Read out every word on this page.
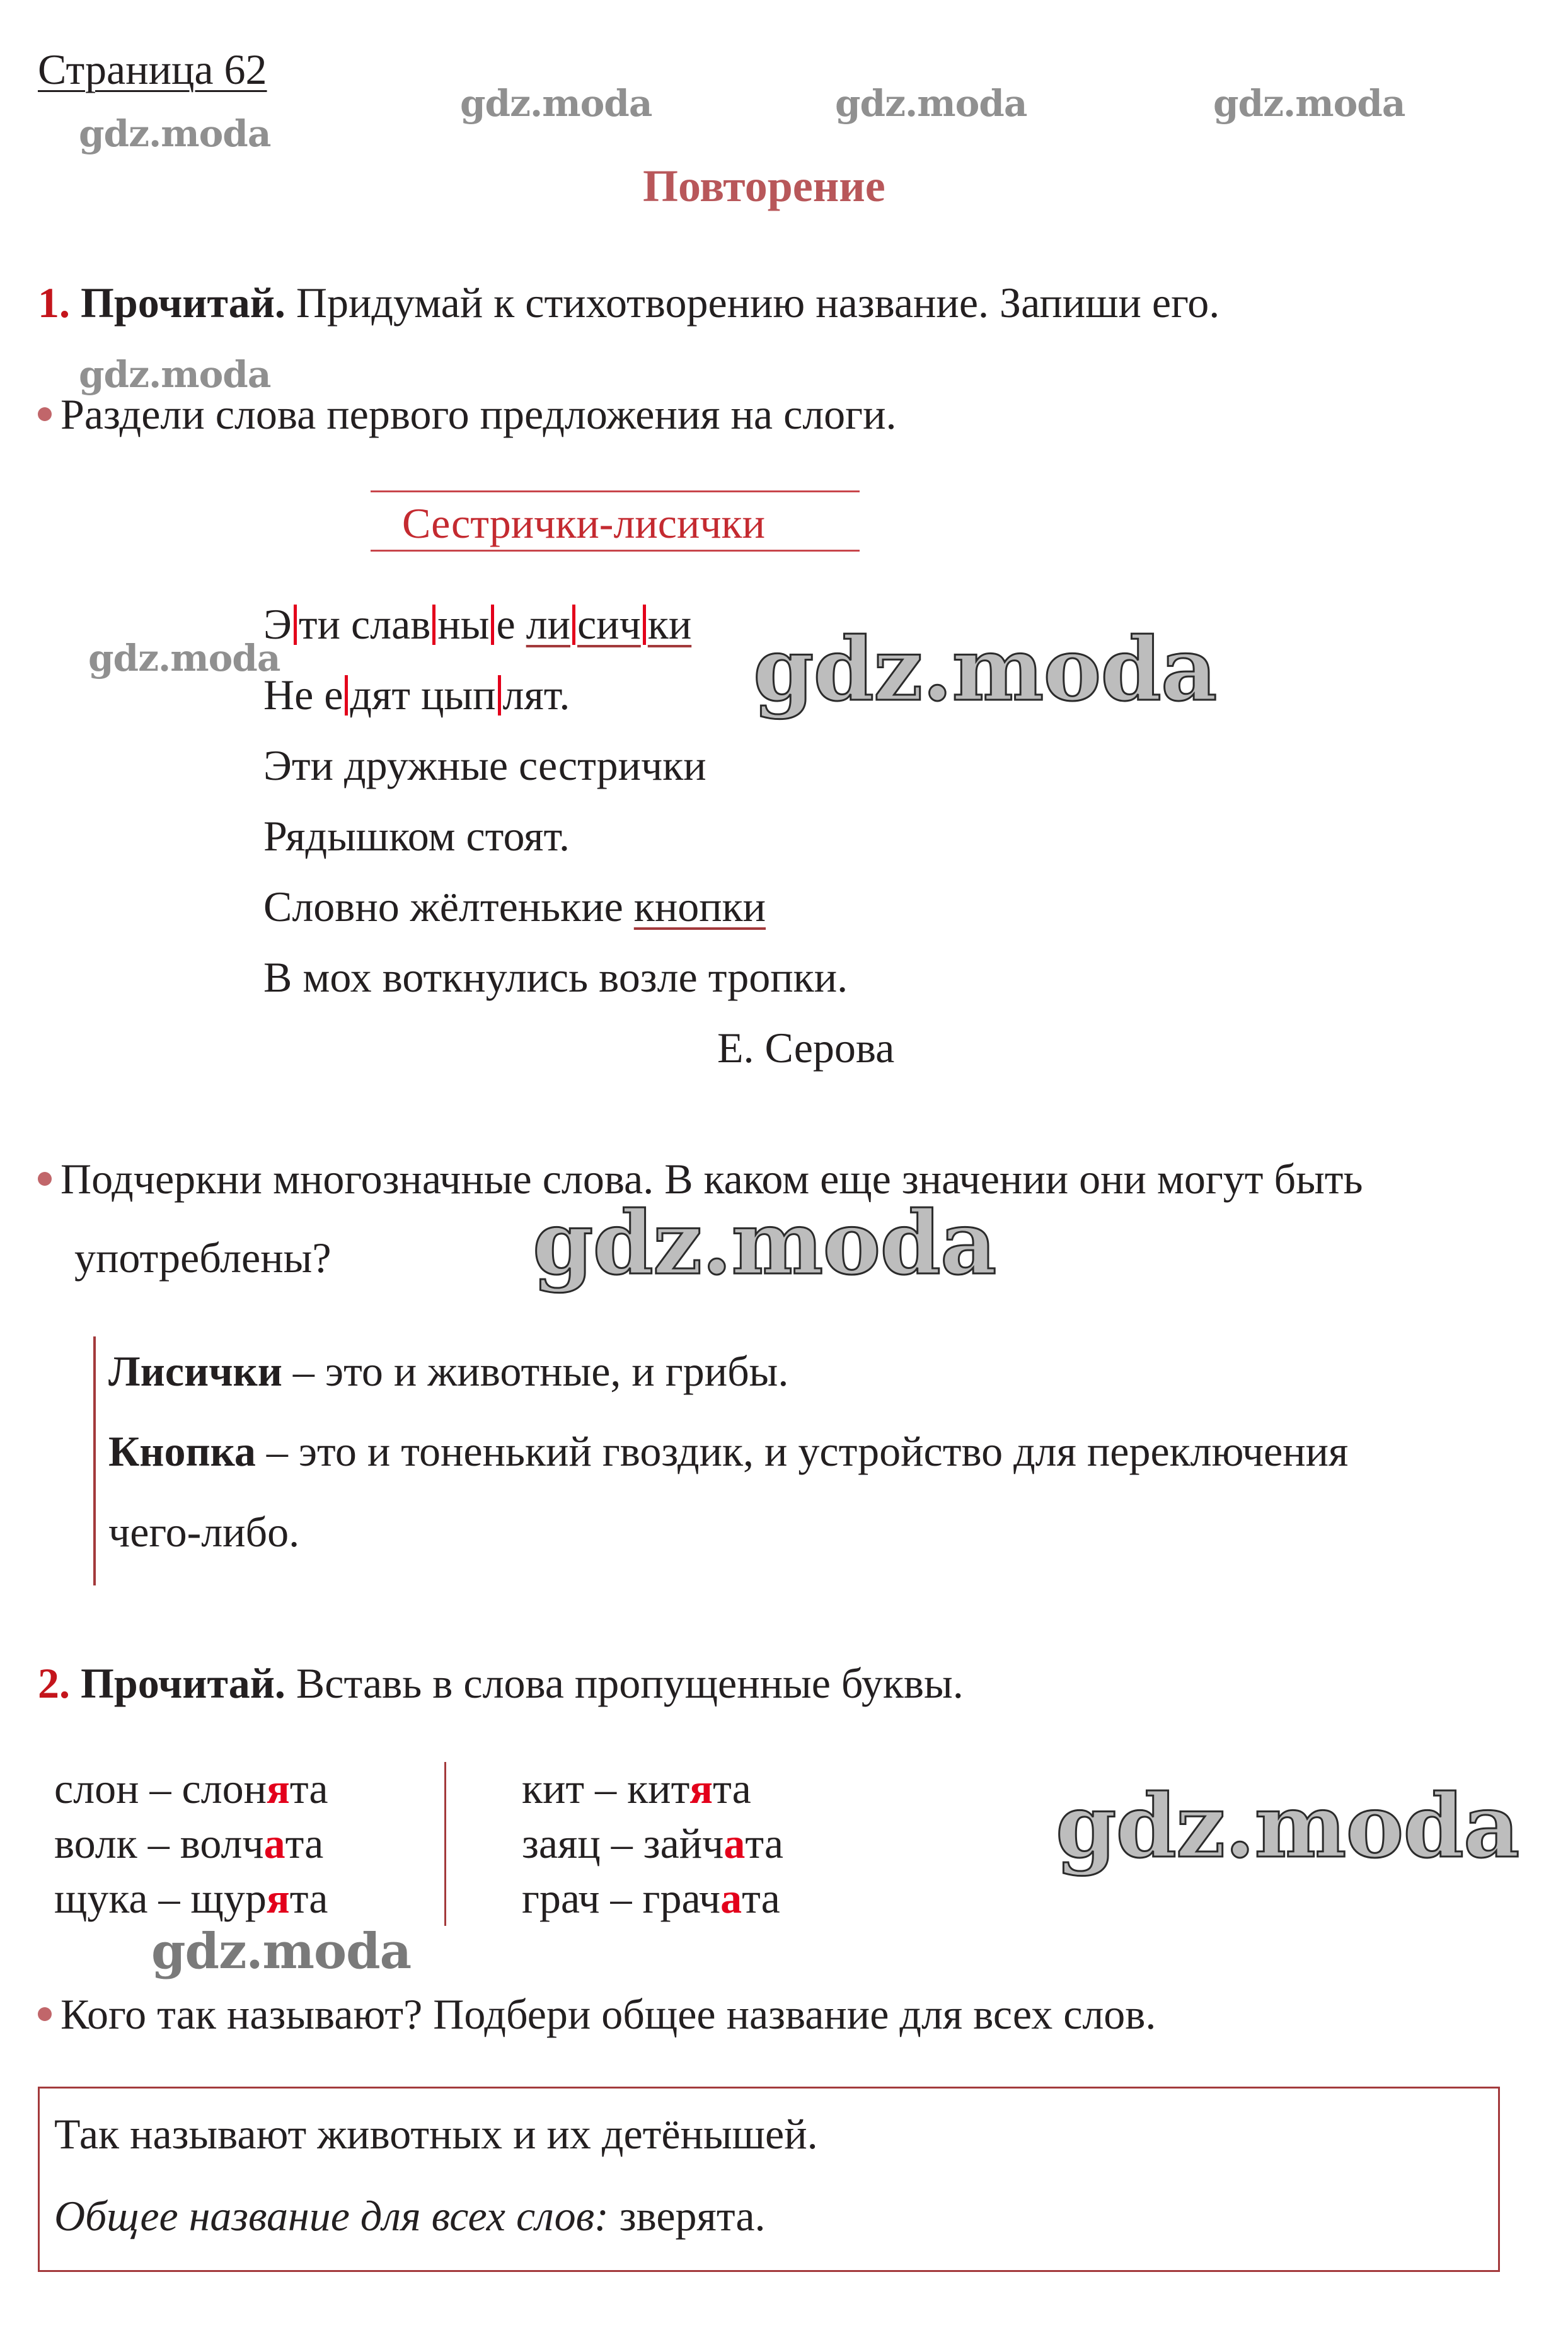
Страница 62
Повторение
1. Прочитай. Придумай к стихотворению название. Запиши его.
Раздели слова первого предложения на слоги.
Сестрички-лисички
Э ти слав ны е ли сич ки
Не е дят цып лят.
Эти дружные сестрички
Рядышком стоят.
Словно жёлтенькие кнопки
В мох воткнулись возле тропки.
Е. Серова
Подчеркни многозначные слова. В каком еще значении они могут быть
употреблены?
Лисички – это и животные, и грибы.
Кнопка – это и тоненький гвоздик, и устройство для переключения
чего-либо.
2. Прочитай. Вставь в слова пропущенные буквы.
слон – слонята
волк – волчата
щука – щурята
кит – китята
заяц – зайчата
грач – грачата
Кого так называют? Подбери общее название для всех слов.
Так называют животных и их детёнышей.
Общее название для всех слов: зверята.
gdz.moda
gdz.moda	gdz.moda	gdz.moda
gdz.moda
gdz.moda	gdz.moda
gdz.moda
gdz.moda
gdz.moda
